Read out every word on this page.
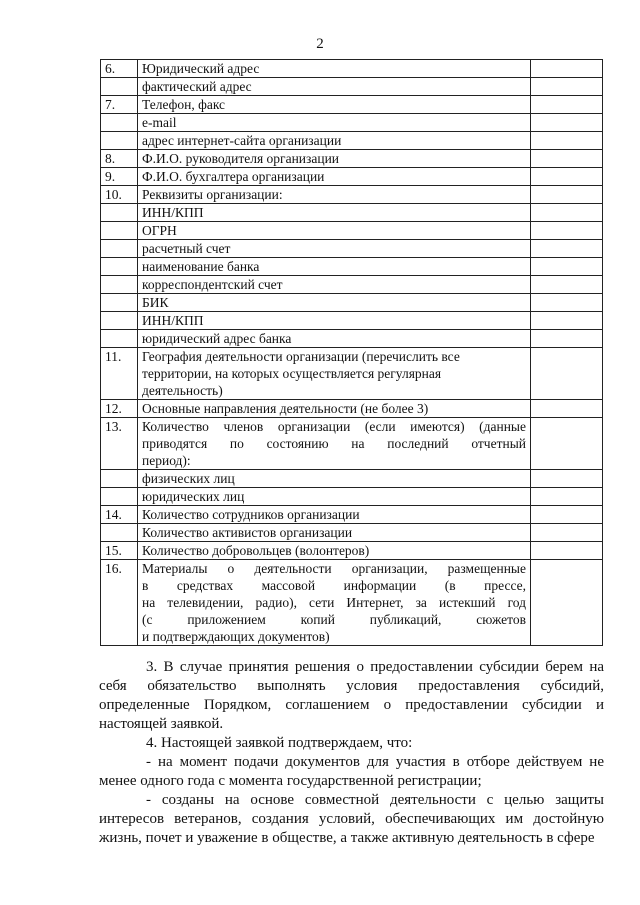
2
6.	Юридический адрес	

	фактический адрес	

7.	Телефон, факс	

	e-mail	

	адрес интернет-сайта организации	

8.	Ф.И.О. руководителя организации	

9.	Ф.И.О. бухгалтера организации	

10.	Реквизиты организации:	

	ИНН/КПП	

	ОГРН	

	расчетный счет	

	наименование банка	

	корреспондентский счет	

	БИК	

	ИНН/КПП	

	юридический адрес банка	

11.	География деятельности организации (перечислить все
территории, на которых осуществляется регулярная
деятельность)	

12.	Основные направления деятельности (не более 3)	

13.	Количество членов организации (если имеются) (данные
приводятся по состоянию на последний отчетный
период):	

	физических лиц	

	юридических лиц	

14.	Количество сотрудников организации	

	Количество активистов организации	

15.	Количество добровольцев (волонтеров)	

16.	Материалы о деятельности организации, размещенные
в средствах массовой информации (в прессе,
на телевидении, радио), сети Интернет, за истекший год
(с приложением копий публикаций, сюжетов
и подтверждающих документов)	

3. В случае принятия решения о предоставлении субсидии берем на себя обязательство выполнять условия предоставления субсидий, определенные Порядком, соглашением о предоставлении субсидии и настоящей заявкой.

4. Настоящей заявкой подтверждаем, что:

- на момент подачи документов для участия в отборе действуем не менее одного года с момента государственной регистрации;

- созданы на основе совместной деятельности с целью защиты интересов ветеранов, создания условий, обеспечивающих им достойную жизнь, почет и уважение в обществе, а также активную деятельность в сфере
